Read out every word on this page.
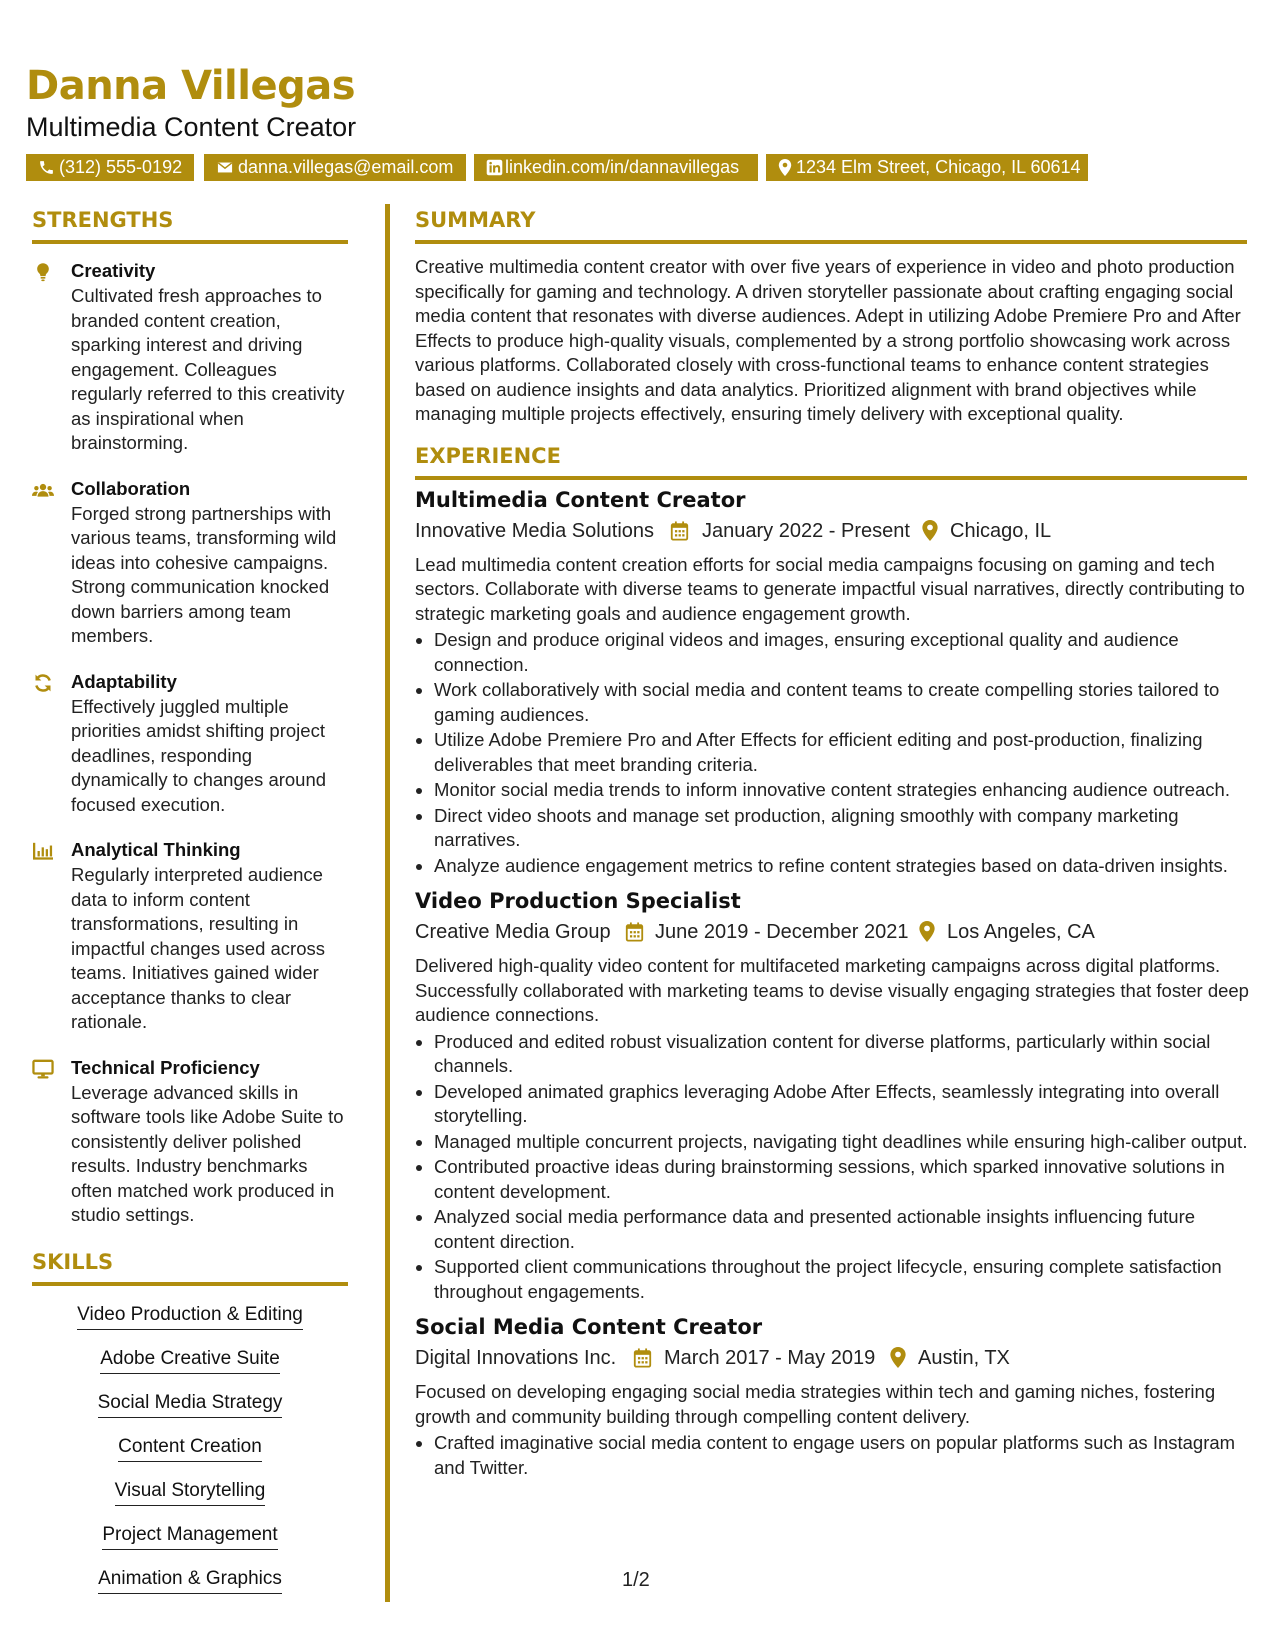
Danna Villegas
Multimedia Content Creator
(312) 555-0192	danna.villegas@email.com	linkedin.com/in/dannavillegas	1234 Elm Street, Chicago, IL 60614
STRENGTHS
Creativity
Cultivated fresh approaches to branded content creation, sparking interest and driving engagement. Colleagues regularly referred to this creativity as inspirational when brainstorming.
Collaboration
Forged strong partnerships with various teams, transforming wild ideas into cohesive campaigns. Strong communication knocked down barriers among team members.
Adaptability
Effectively juggled multiple priorities amidst shifting project deadlines, responding dynamically to changes around focused execution.
Analytical Thinking
Regularly interpreted audience data to inform content transformations, resulting in impactful changes used across teams. Initiatives gained wider acceptance thanks to clear rationale.
Technical Proficiency
Leverage advanced skills in software tools like Adobe Suite to consistently deliver polished results. Industry benchmarks often matched work produced in studio settings.
SKILLS
Video Production & Editing
Adobe Creative Suite
Social Media Strategy
Content Creation
Visual Storytelling
Project Management
Animation & Graphics
SUMMARY
Creative multimedia content creator with over five years of experience in video and photo production specifically for gaming and technology. A driven storyteller passionate about crafting engaging social media content that resonates with diverse audiences. Adept in utilizing Adobe Premiere Pro and After Effects to produce high-quality visuals, complemented by a strong portfolio showcasing work across various platforms. Collaborated closely with cross-functional teams to enhance content strategies based on audience insights and data analytics. Prioritized alignment with brand objectives while managing multiple projects effectively, ensuring timely delivery with exceptional quality.
EXPERIENCE
Multimedia Content Creator
Innovative Media Solutions January 2022 - Present Chicago, IL
Lead multimedia content creation efforts for social media campaigns focusing on gaming and tech sectors. Collaborate with diverse teams to generate impactful visual narratives, directly contributing to strategic marketing goals and audience engagement growth.
• Design and produce original videos and images, ensuring exceptional quality and audience connection.
• Work collaboratively with social media and content teams to create compelling stories tailored to gaming audiences.
• Utilize Adobe Premiere Pro and After Effects for efficient editing and post-production, finalizing deliverables that meet branding criteria.
• Monitor social media trends to inform innovative content strategies enhancing audience outreach.
• Direct video shoots and manage set production, aligning smoothly with company marketing narratives.
• Analyze audience engagement metrics to refine content strategies based on data-driven insights.
Video Production Specialist
Creative Media Group June 2019 - December 2021 Los Angeles, CA
Delivered high-quality video content for multifaceted marketing campaigns across digital platforms. Successfully collaborated with marketing teams to devise visually engaging strategies that foster deep audience connections.
• Produced and edited robust visualization content for diverse platforms, particularly within social channels.
• Developed animated graphics leveraging Adobe After Effects, seamlessly integrating into overall storytelling.
• Managed multiple concurrent projects, navigating tight deadlines while ensuring high-caliber output.
• Contributed proactive ideas during brainstorming sessions, which sparked innovative solutions in content development.
• Analyzed social media performance data and presented actionable insights influencing future content direction.
• Supported client communications throughout the project lifecycle, ensuring complete satisfaction throughout engagements.
Social Media Content Creator
Digital Innovations Inc. March 2017 - May 2019 Austin, TX
Focused on developing engaging social media strategies within tech and gaming niches, fostering growth and community building through compelling content delivery.
• Crafted imaginative social media content to engage users on popular platforms such as Instagram and Twitter.
1/2
